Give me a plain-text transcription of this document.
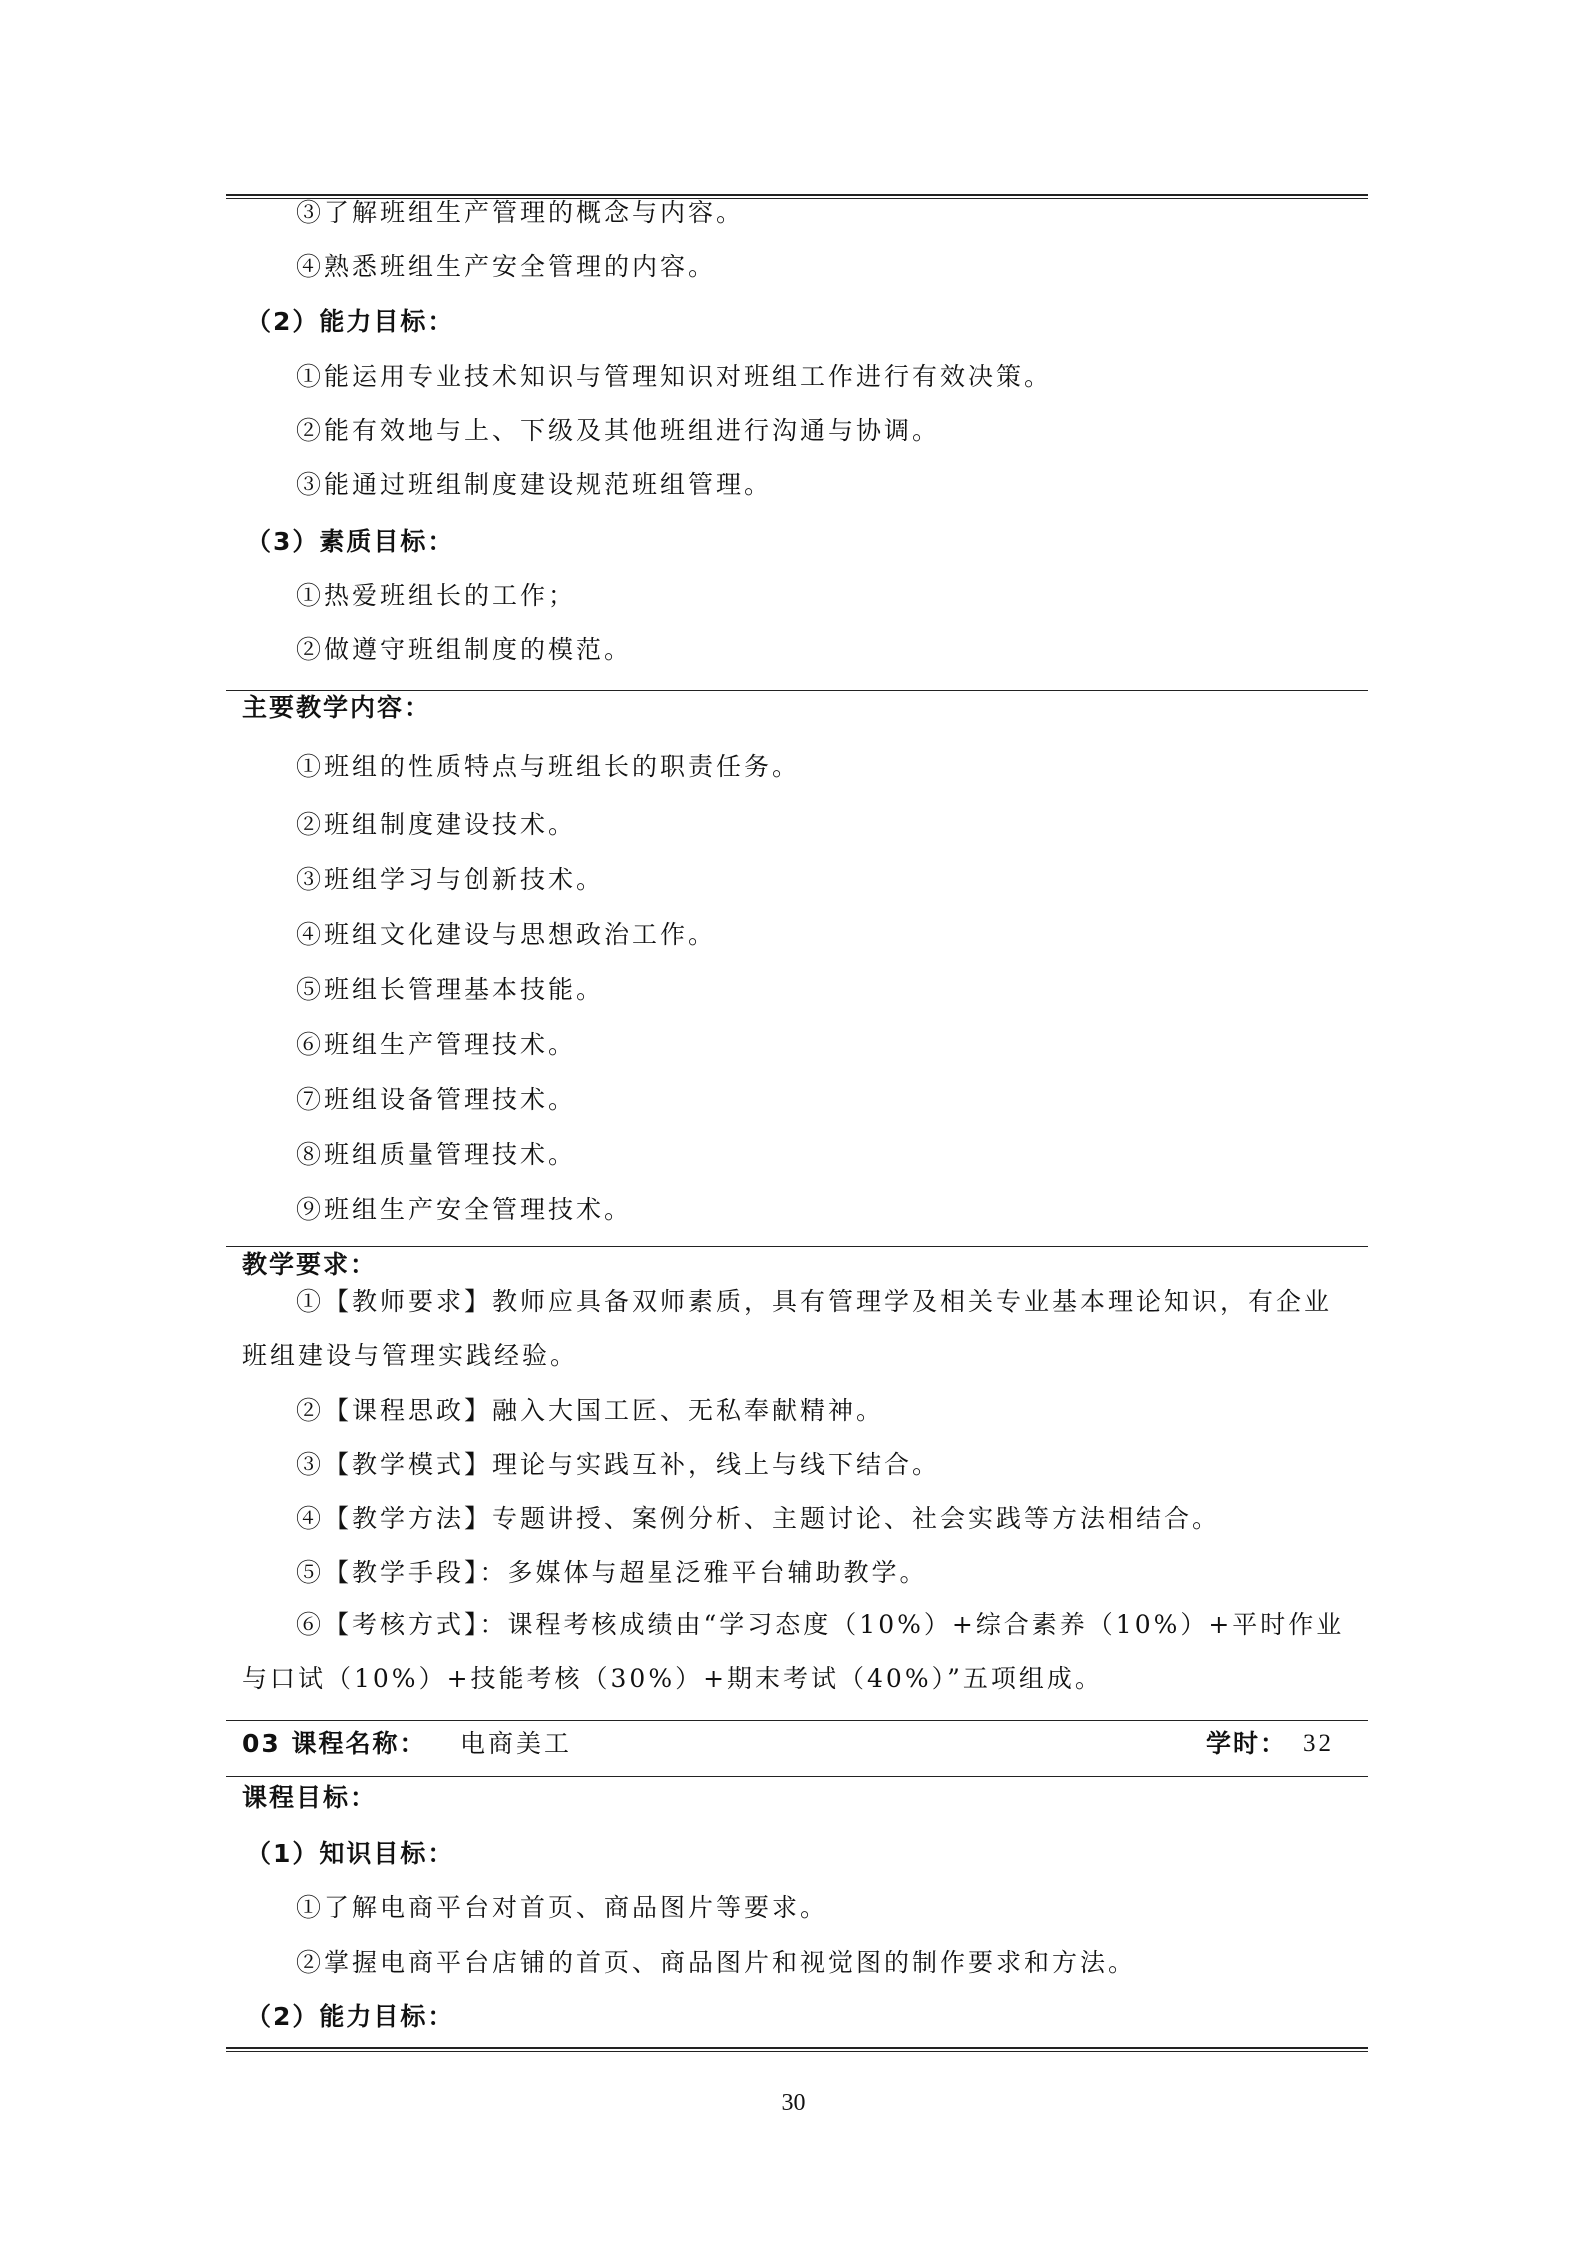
③了解班组生产管理的概念与内容。
④熟悉班组生产安全管理的内容。
（2）能力目标：
①能运用专业技术知识与管理知识对班组工作进行有效决策。
②能有效地与上、下级及其他班组进行沟通与协调。
③能通过班组制度建设规范班组管理。
（3）素质目标：
①热爱班组长的工作；
②做遵守班组制度的模范。
主要教学内容：
①班组的性质特点与班组长的职责任务。
②班组制度建设技术。
③班组学习与创新技术。
④班组文化建设与思想政治工作。
⑤班组长管理基本技能。
⑥班组生产管理技术。
⑦班组设备管理技术。
⑧班组质量管理技术。
⑨班组生产安全管理技术。
教学要求：
①【教师要求】教师应具备双师素质，具有管理学及相关专业基本理论知识，有企业班组建设与管理实践经验。
②【课程思政】融入大国工匠、无私奉献精神。
③【教学模式】理论与实践互补，线上与线下结合。
④【教学方法】专题讲授、案例分析、主题讨论、社会实践等方法相结合。
⑤【教学手段】：多媒体与超星泛雅平台辅助教学。
⑥【考核方式】：课程考核成绩由“学习态度（10%）+综合素养（10%）+平时作业与口试（10%）+技能考核（30%）+期末考试（40%）”五项组成。
03 课程名称： 电商美工	学时： 32
课程目标：
（1）知识目标：
①了解电商平台对首页、商品图片等要求。
②掌握电商平台店铺的首页、商品图片和视觉图的制作要求和方法。
（2）能力目标：
30
